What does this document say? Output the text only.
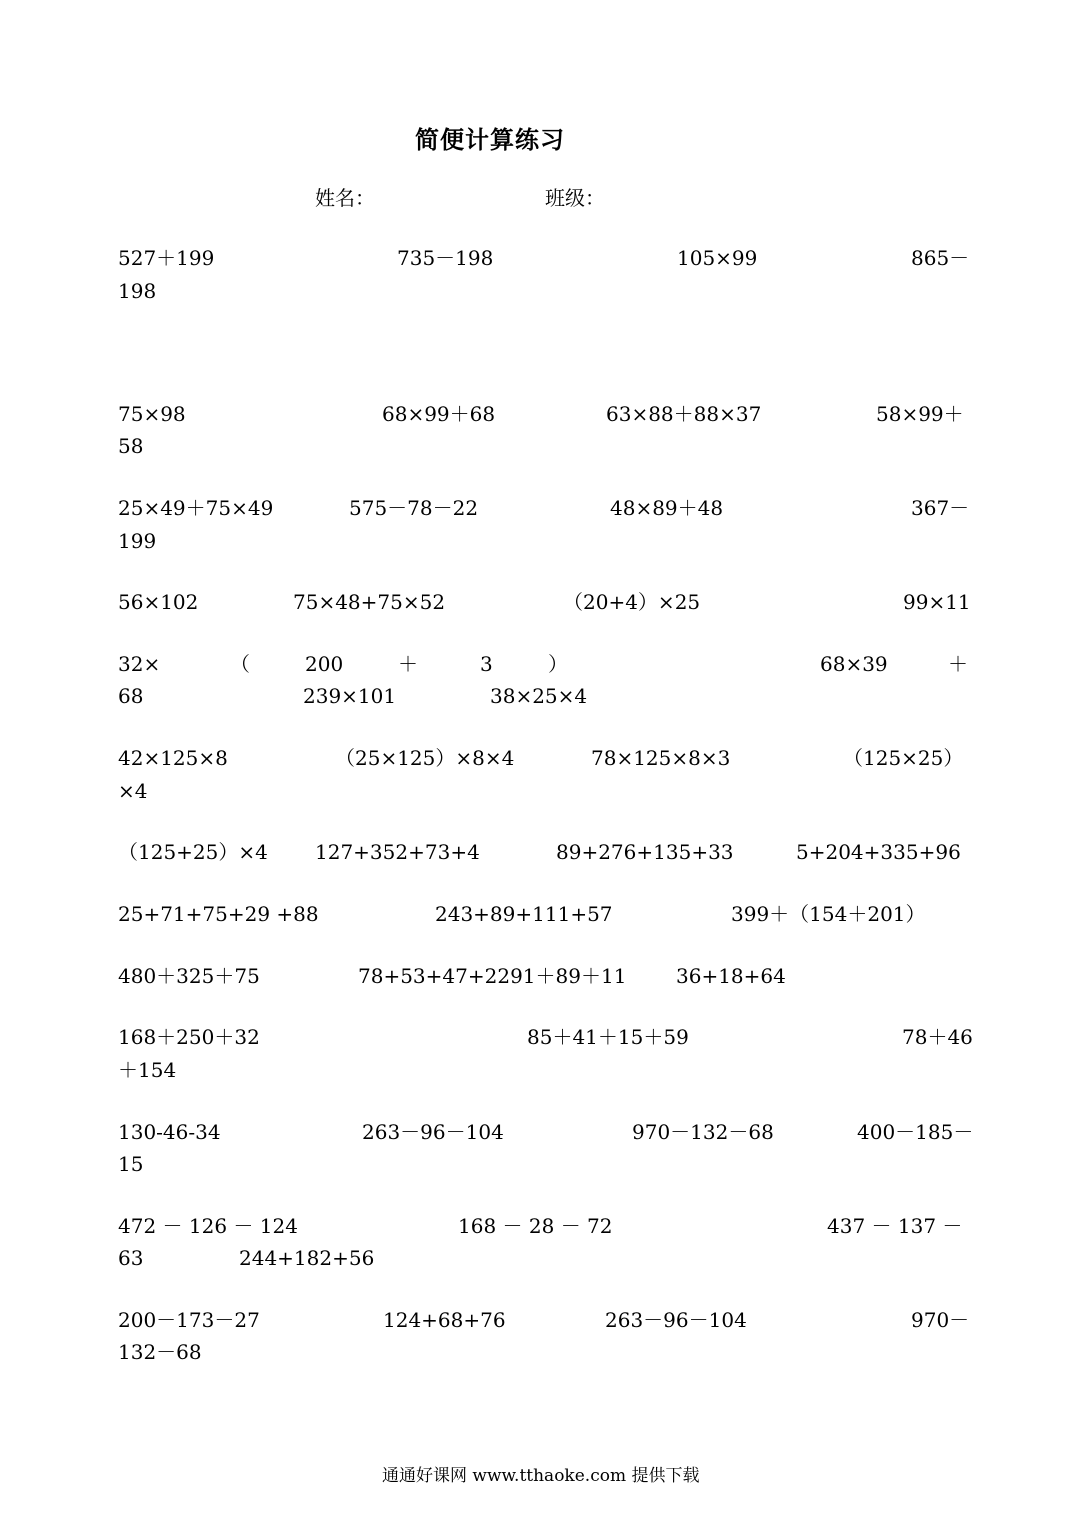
简便计算练习
姓名：	班级：
527＋199	735－198	105×99	865－
198
75×98	68×99＋68	63×88＋88×37	58×99＋
58
25×49＋75×49	575－78－22	48×89＋48	367－
199
56×102	75×48+75×52	（20+4）×25	99×11
32×	（	200	＋	3	）	68×39	＋
68	239×101	38×25×4
42×125×8	（25×125）×8×4	78×125×8×3	（125×25）
×4
（125+25）×4 127+352+73+4	89+276+135+33	5+204+335+96
25+71+75+29 +88	243+89+111+57	399＋（154＋201）
480＋325＋75	78+53+47+2291＋89＋11 36+18+64
168＋250＋32	85＋41＋15＋59	78＋46
＋154
130-46-34	263－96－104	970－132－68	400－185－
15
472 － 126 － 124	168 － 28 － 72	437 － 137 －
63	244+182+56
200－173－27	124+68+76	263－96－104	970－
132－68
通通好课网 www.tthaoke.com 提供下载
